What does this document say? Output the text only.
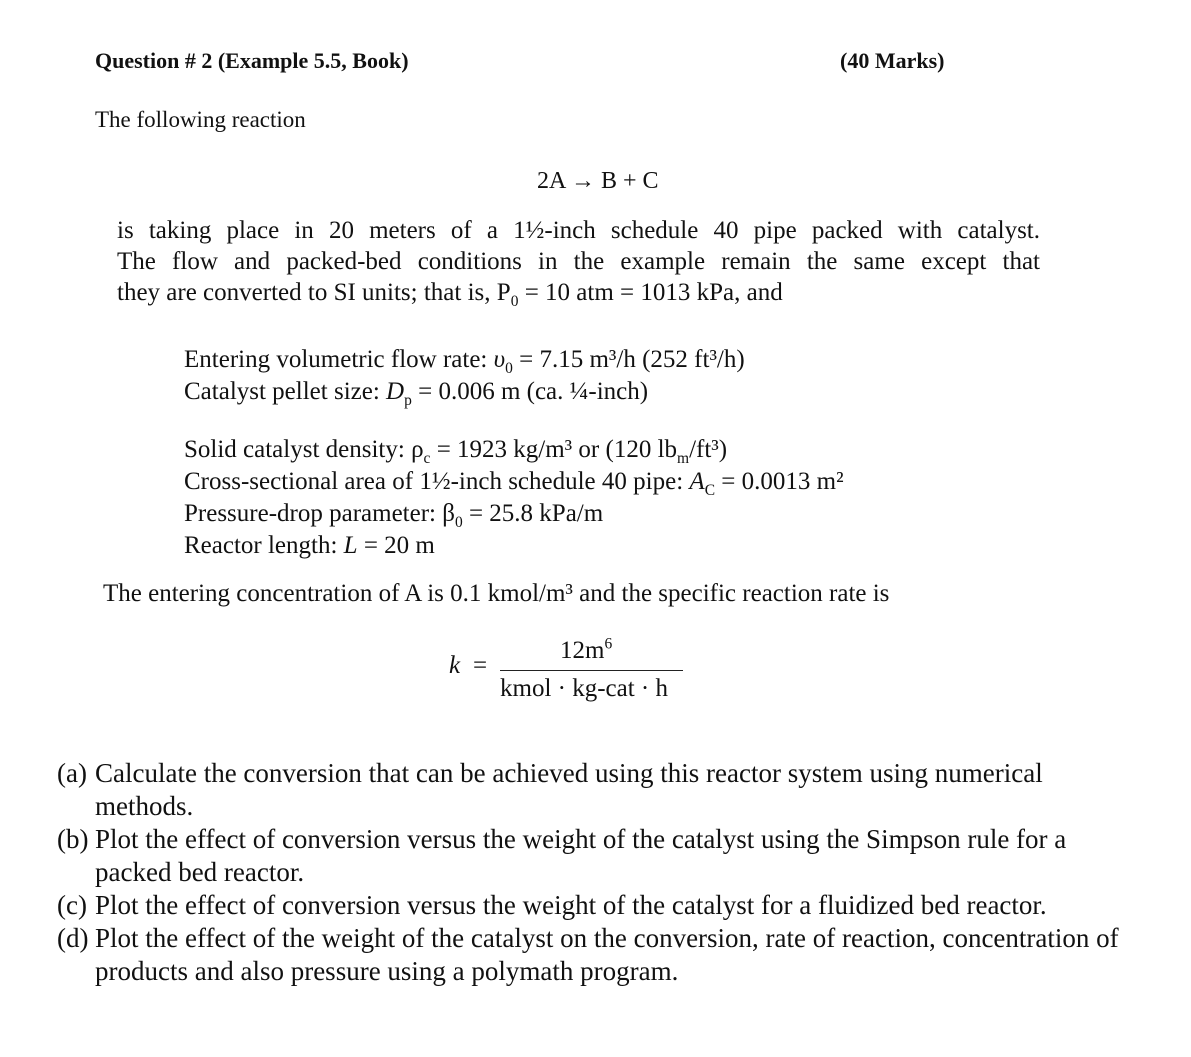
Question # 2 (Example 5.5, Book)	(40 Marks)
The following reaction
2A → B + C
is taking place in 20 meters of a 1½-inch schedule 40 pipe packed with catalyst.
The flow and packed-bed conditions in the example remain the same except that
they are converted to SI units; that is, $P_0 = 10$ atm = 1013 kPa, and
Entering volumetric flow rate: $\upsilon_0 = 7.15$ m³/h (252 ft³/h)
Catalyst pellet size: $D_p = 0.006$ m (ca. ¼-inch)
Solid catalyst density: $\rho_c = 1923$ kg/m³ or (120 $lb_m/ft^3$)
Cross-sectional area of 1½-inch schedule 40 pipe: $A_C = 0.0013$ m²
Pressure-drop parameter: $\beta_0 = 25.8$ kPa/m
Reactor length: L = 20 m
The entering concentration of A is 0.1 kmol/m³ and the specific reaction rate is
k =
$12m^6$
kmol · kg-cat · h
(a) Calculate the conversion that can be achieved using this reactor system using numerical methods.
(b) Plot the effect of conversion versus the weight of the catalyst using the Simpson rule for a packed bed reactor.
(c) Plot the effect of conversion versus the weight of the catalyst for a fluidized bed reactor.
(d) Plot the effect of the weight of the catalyst on the conversion, rate of reaction, concentration of products and also pressure using a polymath program.
